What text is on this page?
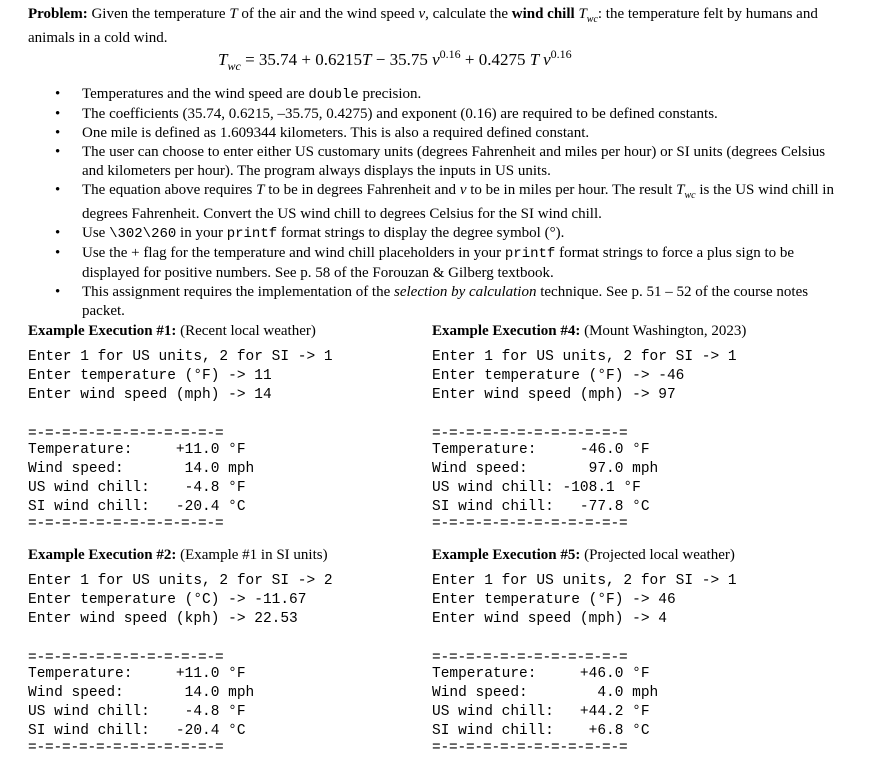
Problem: Given the temperature T of the air and the wind speed v, calculate the wind chill $T_{wc}$: the temperature felt by humans and animals in a cold wind.
$T_{wc} = 35.74 + 0.6215T - 35.75$ $v^{0.16} + 0.4275$ T $v^{0.16}$
• Temperatures and the wind speed are double precision.
• The coefficients (35.74, 0.6215, –35.75, 0.4275) and exponent (0.16) are required to be defined constants.
• One mile is defined as 1.609344 kilometers. This is also a required defined constant.
• The user can choose to enter either US customary units (degrees Fahrenheit and miles per hour) or SI units (degrees Celsius and kilometers per hour). The program always displays the inputs in US units.
• The equation above requires T to be in degrees Fahrenheit and v to be in miles per hour. The result $T_{wc}$ is the US wind chill in degrees Fahrenheit. Convert the US wind chill to degrees Celsius for the SI wind chill.
• Use \302\260 in your printf format strings to display the degree symbol (°).
• Use the + flag for the temperature and wind chill placeholders in your printf format strings to force a plus sign to be displayed for positive numbers. See p. 58 of the Forouzan & Gilberg textbook.
• This assignment requires the implementation of the selection by calculation technique. See p. 51 – 52 of the course notes packet.
Example Execution #1: (Recent local weather)
Enter 1 for US units, 2 for SI -> 1
Enter temperature (°F) -> 11
Enter wind speed (mph) -> 14
=-=-=-=-=-=-=-=-=-=-=-=
Temperature:     +11.0 °F
Wind speed:       14.0 mph
US wind chill:    -4.8 °F
SI wind chill:   -20.4 °C
=-=-=-=-=-=-=-=-=-=-=-=
Example Execution #2: (Example #1 in SI units)
Enter 1 for US units, 2 for SI -> 2
Enter temperature (°C) -> -11.67
Enter wind speed (kph) -> 22.53
=-=-=-=-=-=-=-=-=-=-=-=
Temperature:     +11.0 °F
Wind speed:       14.0 mph
US wind chill:    -4.8 °F
SI wind chill:   -20.4 °C
=-=-=-=-=-=-=-=-=-=-=-=
Example Execution #4: (Mount Washington, 2023)
Enter 1 for US units, 2 for SI -> 1
Enter temperature (°F) -> -46
Enter wind speed (mph) -> 97
=-=-=-=-=-=-=-=-=-=-=-=
Temperature:     -46.0 °F
Wind speed:       97.0 mph
US wind chill: -108.1 °F
SI wind chill:   -77.8 °C
=-=-=-=-=-=-=-=-=-=-=-=
Example Execution #5: (Projected local weather)
Enter 1 for US units, 2 for SI -> 1
Enter temperature (°F) -> 46
Enter wind speed (mph) -> 4
=-=-=-=-=-=-=-=-=-=-=-=
Temperature:     +46.0 °F
Wind speed:        4.0 mph
US wind chill:   +44.2 °F
SI wind chill:    +6.8 °C
=-=-=-=-=-=-=-=-=-=-=-=
